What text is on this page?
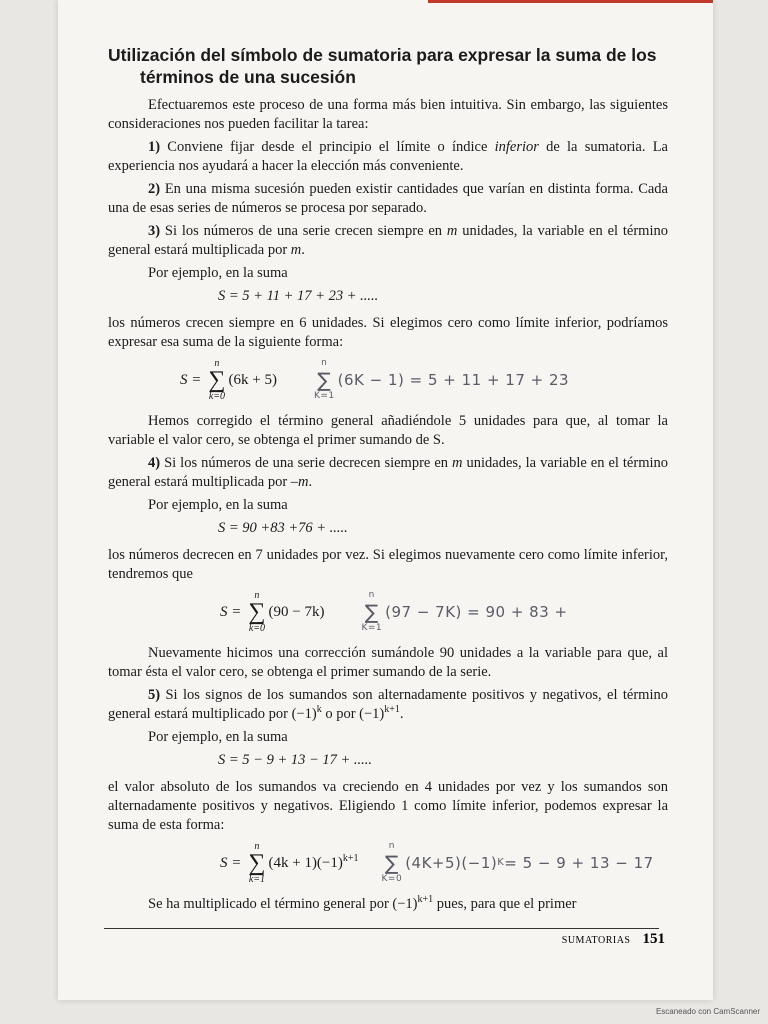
Utilización del símbolo de sumatoria para expresar la suma de los términos de una sucesión

Efectuaremos este proceso de una forma más bien intuitiva. Sin embargo, las siguientes consideraciones nos pueden facilitar la tarea:

1) Conviene fijar desde el principio el límite o índice inferior de la sumatoria. La experiencia nos ayudará a hacer la elección más conveniente.

2) En una misma sucesión pueden existir cantidades que varían en distinta forma. Cada una de esas series de números se procesa por separado.

3) Si los números de una serie crecen siempre en m unidades, la variable en el término general estará multiplicada por m.

Por ejemplo, en la suma

S = 5 + 11 + 17 + 23 + .....

los números crecen siempre en 6 unidades. Si elegimos cero como límite inferior, podríamos expresar esa suma de la siguiente forma:

S =
n
∑
k=0
(6k + 5)
n
∑
K=1
(6K − 1) = 5 + 11 + 17 + 23

Hemos corregido el término general añadiéndole 5 unidades para que, al tomar la variable el valor cero, se obtenga el primer sumando de S.

4) Si los números de una serie decrecen siempre en m unidades, la variable en el término general estará multiplicada por –m.

Por ejemplo, en la suma

S = 90 +83 +76 + .....

los números decrecen en 7 unidades por vez. Si elegimos nuevamente cero como límite inferior, tendremos que

S =
n
∑
k=0
(90 − 7k)
n
∑
K=1
(97 − 7K) = 90 + 83 +

Nuevamente hicimos una corrección sumándole 90 unidades a la variable para que, al tomar ésta el valor cero, se obtenga el primer sumando de la serie.

5) Si los signos de los sumandos son alternadamente positivos y negativos, el término general estará multiplicado por $(-1)^k$ o por $(-1)^{k+1}$.

Por ejemplo, en la suma

S = 5 − 9 + 13 − 17 + .....

el valor absoluto de los sumandos va creciendo en 4 unidades por vez y los sumandos son alternadamente positivos y negativos. Eligiendo 1 como límite inferior, podemos expresar la suma de esta forma:

S =
n
∑
k=1
$(4k + 1)(-1)^{k+1}$
n
∑
K=0
(4K+5)(−1) K = 5 − 9 + 13 − 17

Se ha multiplicado el término general por $(-1)^{k+1}$ pues, para que el primer

SUMATORIAS 151
Escaneado con CamScanner
